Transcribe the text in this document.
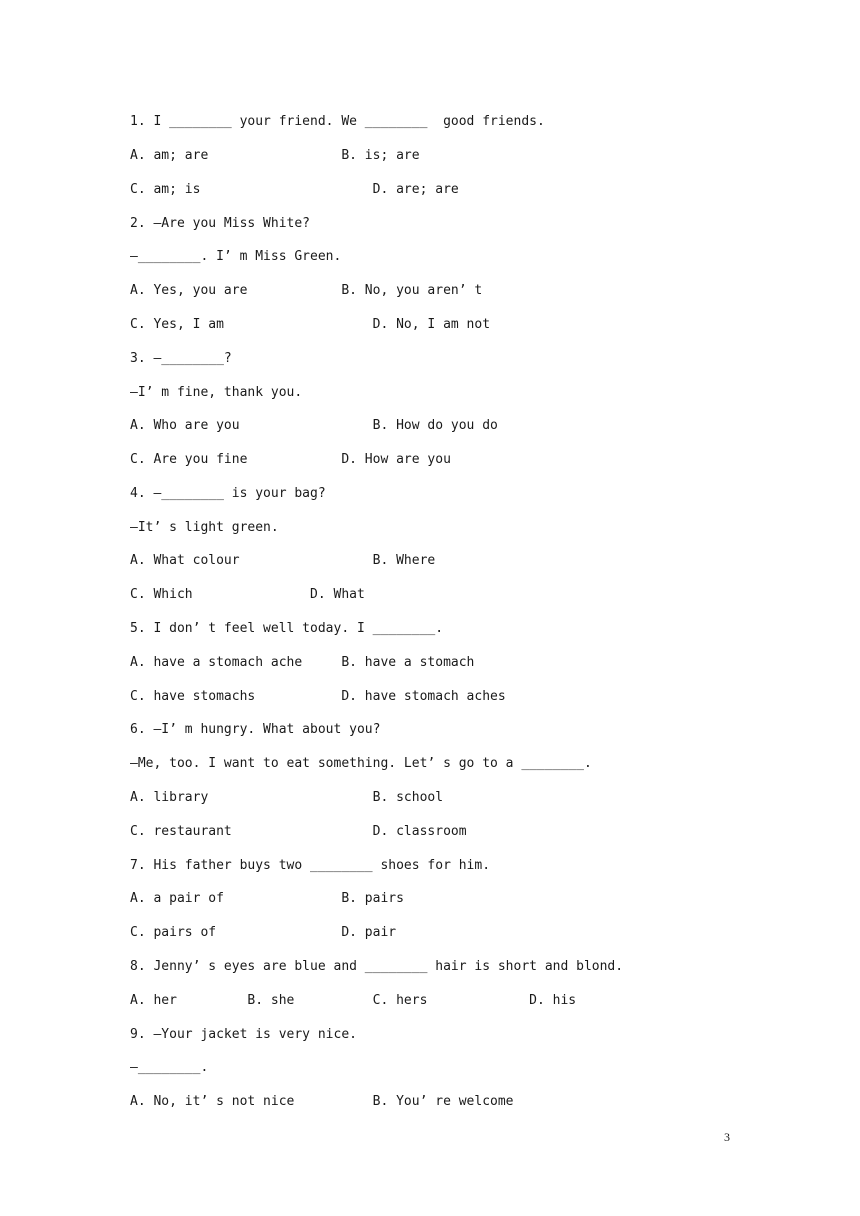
1. I ________ your friend. We ________  good friends.
A. am; are                 B. is; are
C. am; is                      D. are; are
2. —Are you Miss White?
—________. I’ m Miss Green.
A. Yes, you are            B. No, you aren’ t
C. Yes, I am                   D. No, I am not
3. —________?
—I’ m fine, thank you.
A. Who are you                 B. How do you do
C. Are you fine            D. How are you
4. —________ is your bag?
—It’ s light green.
A. What colour                 B. Where
C. Which               D. What
5. I don’ t feel well today. I ________.
A. have a stomach ache     B. have a stomach
C. have stomachs           D. have stomach aches
6. —I’ m hungry. What about you?
—Me, too. I want to eat something. Let’ s go to a ________.
A. library                     B. school
C. restaurant                  D. classroom
7. His father buys two ________ shoes for him.
A. a pair of               B. pairs
C. pairs of                D. pair
8. Jenny’ s eyes are blue and ________ hair is short and blond.
A. her         B. she          C. hers             D. his
9. —Your jacket is very nice.
—________.
A. No, it’ s not nice          B. You’ re welcome
3
